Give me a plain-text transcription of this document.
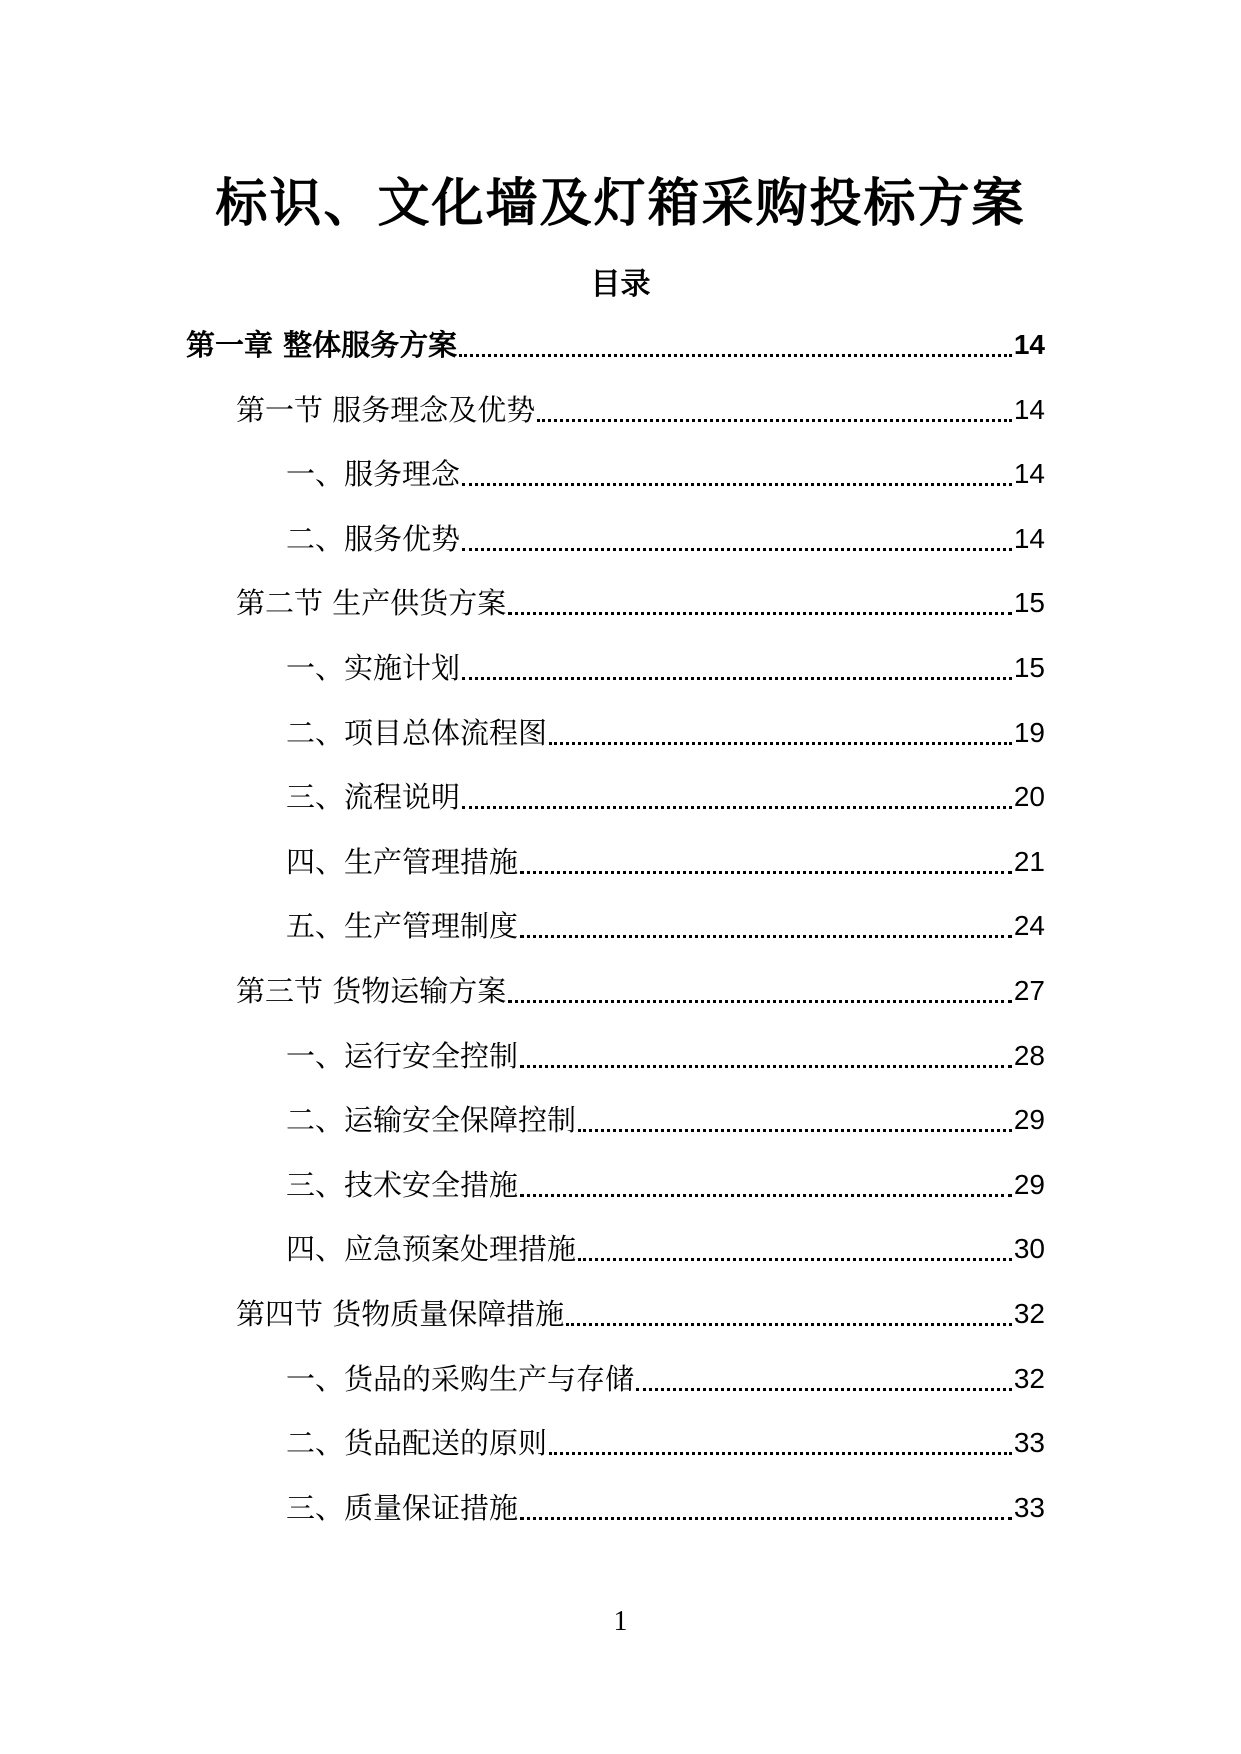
标识、文化墙及灯箱采购投标方案
目录
第一章 整体服务方案	14
第一节 服务理念及优势	14
一、服务理念	14
二、服务优势	14
第二节 生产供货方案	15
一、实施计划	15
二、项目总体流程图	19
三、流程说明	20
四、生产管理措施	21
五、生产管理制度	24
第三节 货物运输方案	27
一、运行安全控制	28
二、运输安全保障控制	29
三、技术安全措施	29
四、应急预案处理措施	30
第四节 货物质量保障措施	32
一、货品的采购生产与存储	32
二、货品配送的原则	33
三、质量保证措施	33
1
